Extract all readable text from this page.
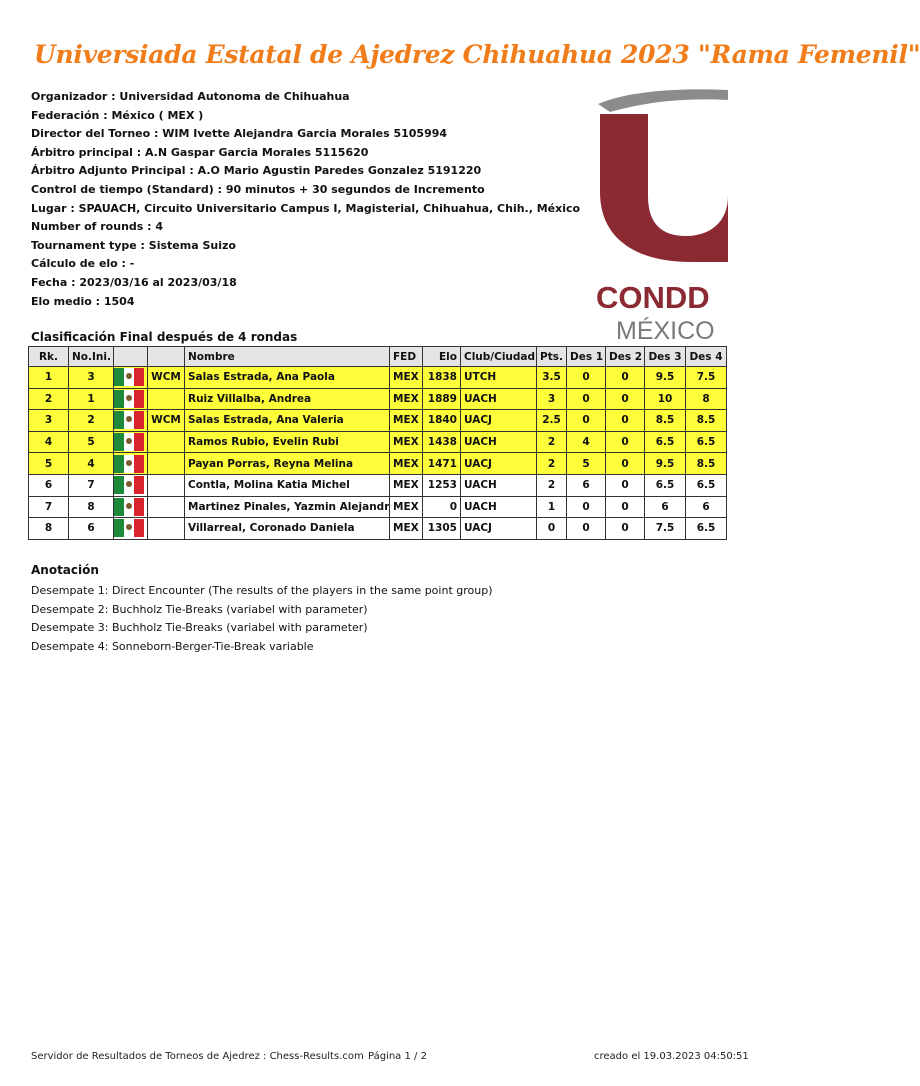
Universiada Estatal de Ajedrez Chihuahua 2023 "Rama Femenil"
Organizador : Universidad Autonoma de Chihuahua
Federación : México ( MEX )
Director del Torneo : WIM Ivette Alejandra Garcia Morales 5105994
Árbitro principal : A.N Gaspar Garcia Morales 5115620
Árbitro Adjunto Principal : A.O Mario Agustin Paredes Gonzalez 5191220
Control de tiempo (Standard) : 90 minutos + 30 segundos de Incremento
Lugar : SPAUACH, Circuito Universitario Campus I, Magisterial, Chihuahua, Chih., México
Number of rounds : 4
Tournament type : Sistema Suizo
Cálculo de elo : -
Fecha : 2023/03/16 al 2023/03/18
Elo medio : 1504	CONDD
MÉXICO
Clasificación Final después de 4 rondas
Rk.	No.Ini.			Nombre	FED	Elo	Club/Ciudad	Pts.	Des 1	Des 2	Des 3	Des 4
1	3		WCM	Salas Estrada, Ana Paola	MEX	1838	UTCH	3.5	0	0	9.5	7.5
2	1			Ruiz Villalba, Andrea	MEX	1889	UACH	3	0	0	10	8
3	2		WCM	Salas Estrada, Ana Valeria	MEX	1840	UACJ	2.5	0	0	8.5	8.5
4	5			Ramos Rubio, Evelin Rubi	MEX	1438	UACH	2	4	0	6.5	6.5
5	4			Payan Porras, Reyna Melina	MEX	1471	UACJ	2	5	0	9.5	8.5
6	7			Contla, Molina Katia Michel	MEX	1253	UACH	2	6	0	6.5	6.5
7	8			Martinez Pinales, Yazmin Alejandr	MEX	0	UACH	1	0	0	6	6
8	6			Villarreal, Coronado Daniela	MEX	1305	UACJ	0	0	0	7.5	6.5
Anotación
Desempate 1: Direct Encounter (The results of the players in the same point group)
Desempate 2: Buchholz Tie-Breaks (variabel with parameter)
Desempate 3: Buchholz Tie-Breaks (variabel with parameter)
Desempate 4: Sonneborn-Berger-Tie-Break variable
Servidor de Resultados de Torneos de Ajedrez : Chess-Results.com Página 1 / 2	creado el 19.03.2023 04:50:51
